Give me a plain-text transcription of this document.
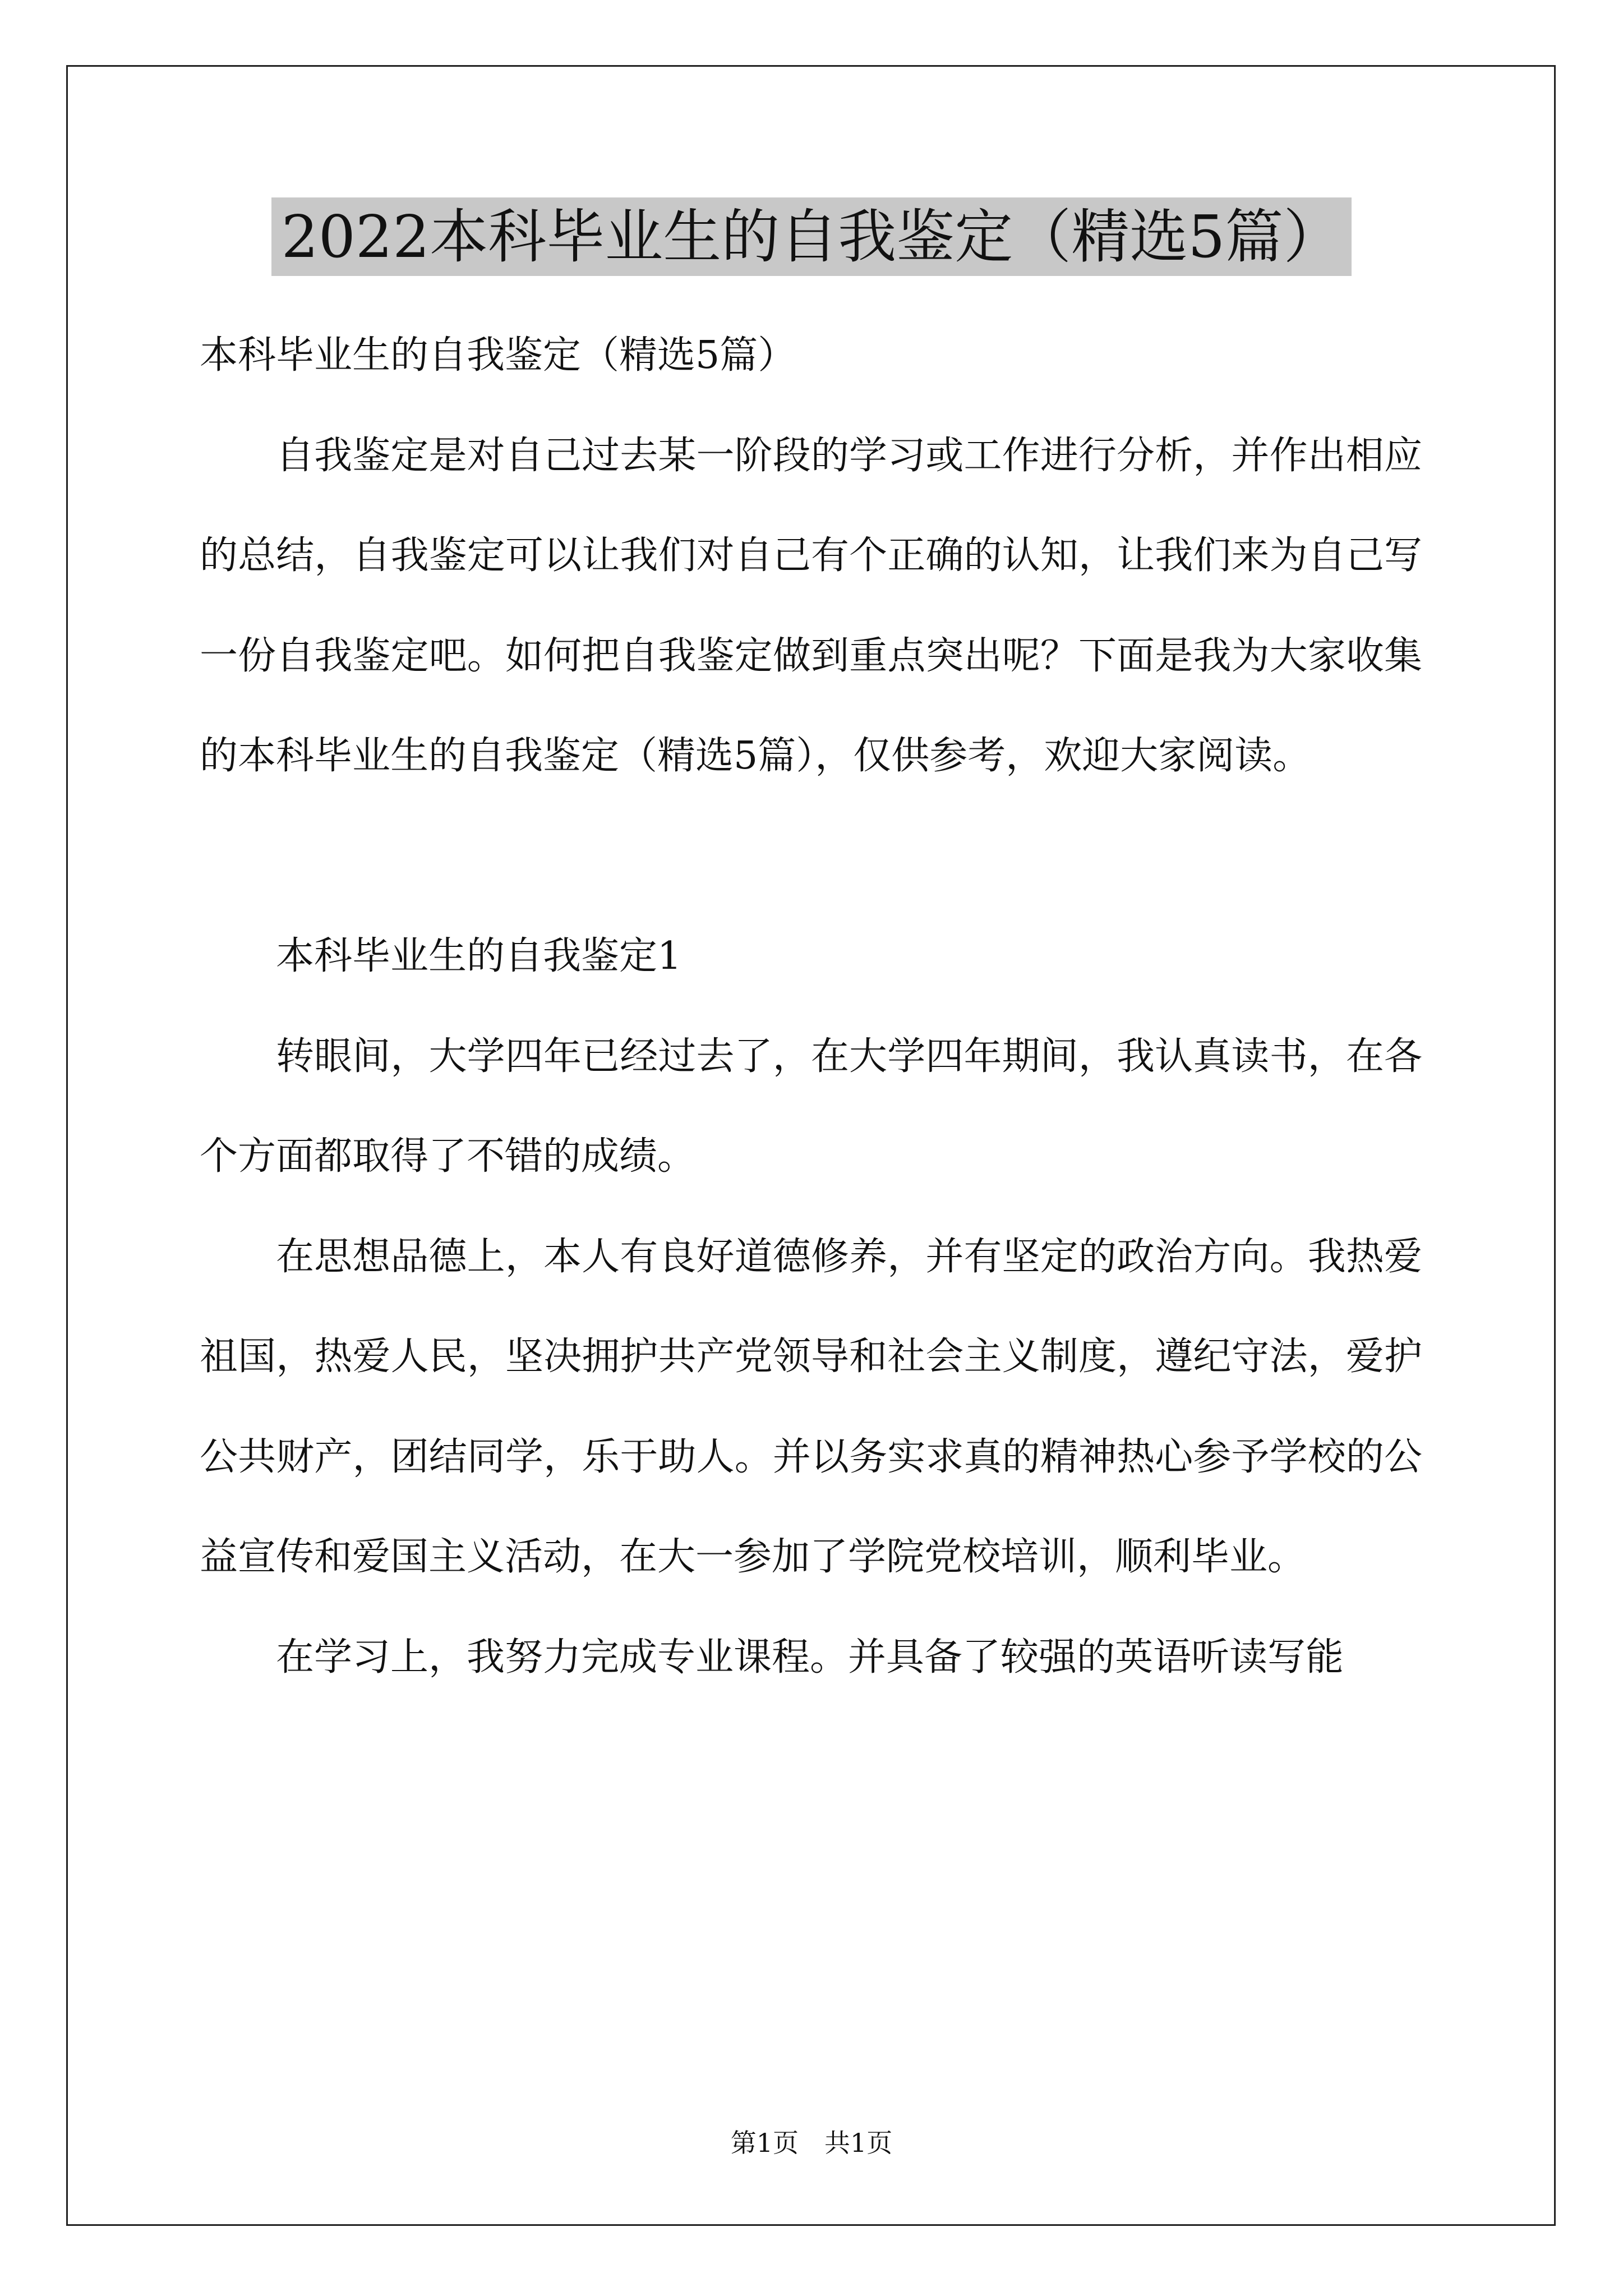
2022本科毕业生的自我鉴定（精选5篇）

本科毕业生的自我鉴定（精选5篇）

自我鉴定是对自己过去某一阶段的学习或工作进行分析，并作出相应的总结，自我鉴定可以让我们对自己有个正确的认知，让我们来为自己写一份自我鉴定吧。如何把自我鉴定做到重点突出呢？下面是我为大家收集的本科毕业生的自我鉴定（精选5篇），仅供参考，欢迎大家阅读。

本科毕业生的自我鉴定1

转眼间，大学四年已经过去了，在大学四年期间，我认真读书，在各个方面都取得了不错的成绩。

在思想品德上，本人有良好道德修养，并有坚定的政治方向。我热爱祖国，热爱人民，坚决拥护共产党领导和社会主义制度，遵纪守法，爱护公共财产，团结同学，乐于助人。并以务实求真的精神热心参予学校的公益宣传和爱国主义活动，在大一参加了学院党校培训，顺利毕业。

在学习上，我努力完成专业课程。并具备了较强的英语听读写能

第1页　共1页
